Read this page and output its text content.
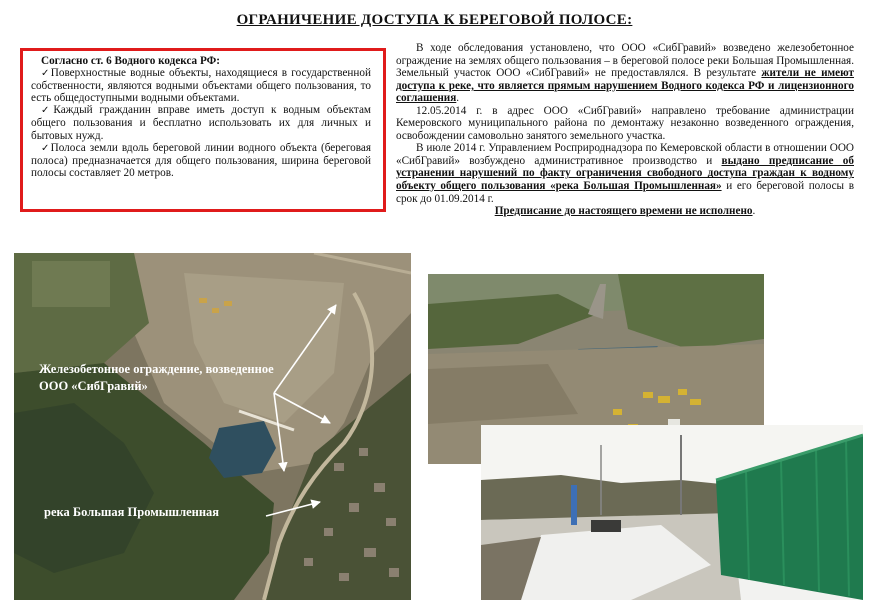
ОГРАНИЧЕНИЕ ДОСТУПА К БЕРЕГОВОЙ ПОЛОСЕ:
Согласно ст. 6 Водного кодекса РФ:

✓Поверхностные водные объекты, находящиеся в государственной собственности, являются водными объектами общего пользования, то есть общедоступными водными объектами.

✓Каждый гражданин вправе иметь доступ к водным объектам общего пользования и бесплатно использовать их для личных и бытовых нужд.

✓Полоса земли вдоль береговой линии водного объекта (береговая полоса) предназначается для общего пользования, ширина береговой полосы составляет 20 метров.

В ходе обследования установлено, что ООО «СибГравий» возведено железобетонное ограждение на землях общего пользования – в береговой полосе реки Большая Промышленная. Земельный участок ООО «СибГравий» не предоставлялся. В результате жители не имеют доступа к реке, что является прямым нарушением Водного кодекса РФ и лицензионного соглашения.

12.05.2014 г. в адрес ООО «СибГравий» направлено требование администрации Кемеровского муниципального района по демонтажу незаконно возведенного ограждения, освобождении самовольно занятого земельного участка.

В июле 2014 г. Управлением Росприроднадзора по Кемеровской области в отношении ООО «СибГравий» возбуждено административное производство и выдано предписание об устранении нарушений по факту ограничения свободного доступа граждан к водному объекту общего пользования «река Большая Промышленная» и его береговой полосы в срок до 01.09.2014 г.

Предписание до настоящего времени не исполнено.

Железобетонное ограждение, возведенное ООО «СибГравий»
река Большая Промышленная
